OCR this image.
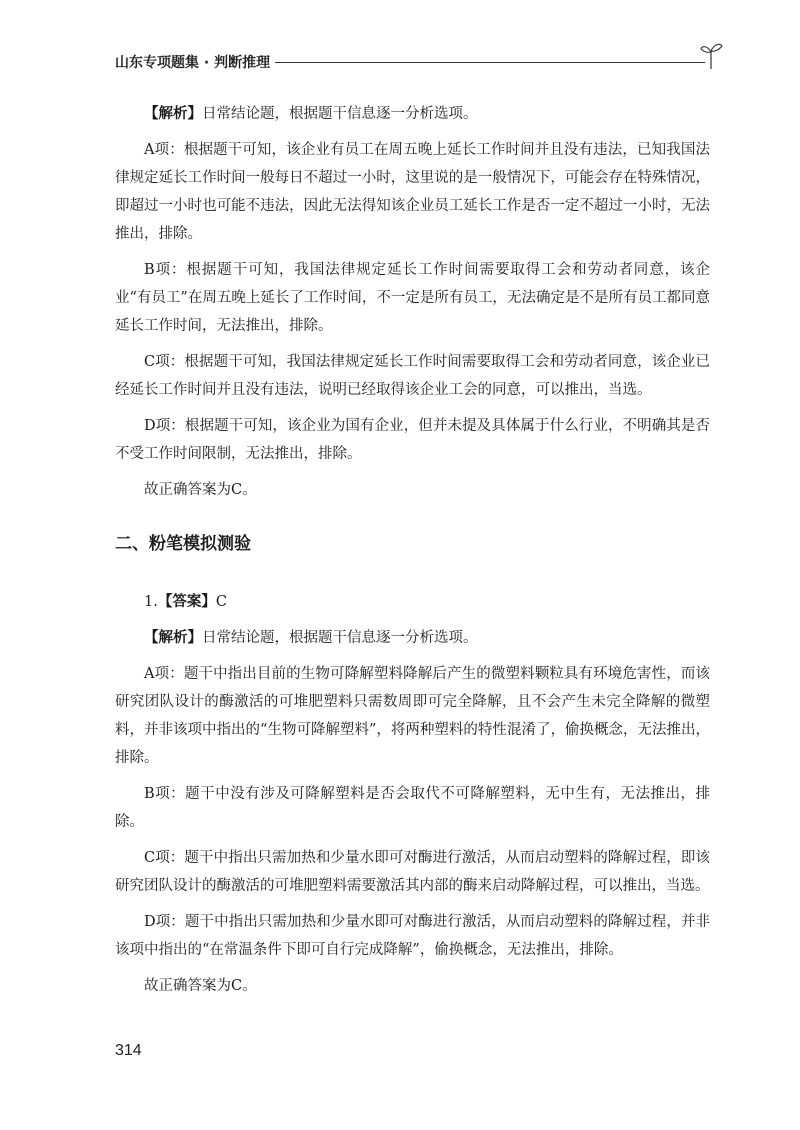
山东专项题集 · 判断推理

【解析】日常结论题，根据题干信息逐一分析选项。

A项：根据题干可知，该企业有员工在周五晚上延长工作时间并且没有违法，已知我国法律规定延长工作时间一般每日不超过一小时，这里说的是一般情况下，可能会存在特殊情况，即超过一小时也可能不违法，因此无法得知该企业员工延长工作是否一定不超过一小时，无法推出，排除。

B项：根据题干可知，我国法律规定延长工作时间需要取得工会和劳动者同意，该企业“有员工”在周五晚上延长了工作时间，不一定是所有员工，无法确定是不是所有员工都同意延长工作时间，无法推出，排除。

C项：根据题干可知，我国法律规定延长工作时间需要取得工会和劳动者同意，该企业已经延长工作时间并且没有违法，说明已经取得该企业工会的同意，可以推出，当选。

D项：根据题干可知，该企业为国有企业，但并未提及具体属于什么行业，不明确其是否不受工作时间限制，无法推出，排除。

故正确答案为C。

二、粉笔模拟测验

1.【答案】C

【解析】日常结论题，根据题干信息逐一分析选项。

A项：题干中指出目前的生物可降解塑料降解后产生的微塑料颗粒具有环境危害性，而该研究团队设计的酶激活的可堆肥塑料只需数周即可完全降解，且不会产生未完全降解的微塑料，并非该项中指出的“生物可降解塑料”，将两种塑料的特性混淆了，偷换概念，无法推出，排除。

B项：题干中没有涉及可降解塑料是否会取代不可降解塑料，无中生有，无法推出，排除。

C项：题干中指出只需加热和少量水即可对酶进行激活，从而启动塑料的降解过程，即该研究团队设计的酶激活的可堆肥塑料需要激活其内部的酶来启动降解过程，可以推出，当选。

D项：题干中指出只需加热和少量水即可对酶进行激活，从而启动塑料的降解过程，并非该项中指出的“在常温条件下即可自行完成降解”，偷换概念，无法推出，排除。

故正确答案为C。

314
